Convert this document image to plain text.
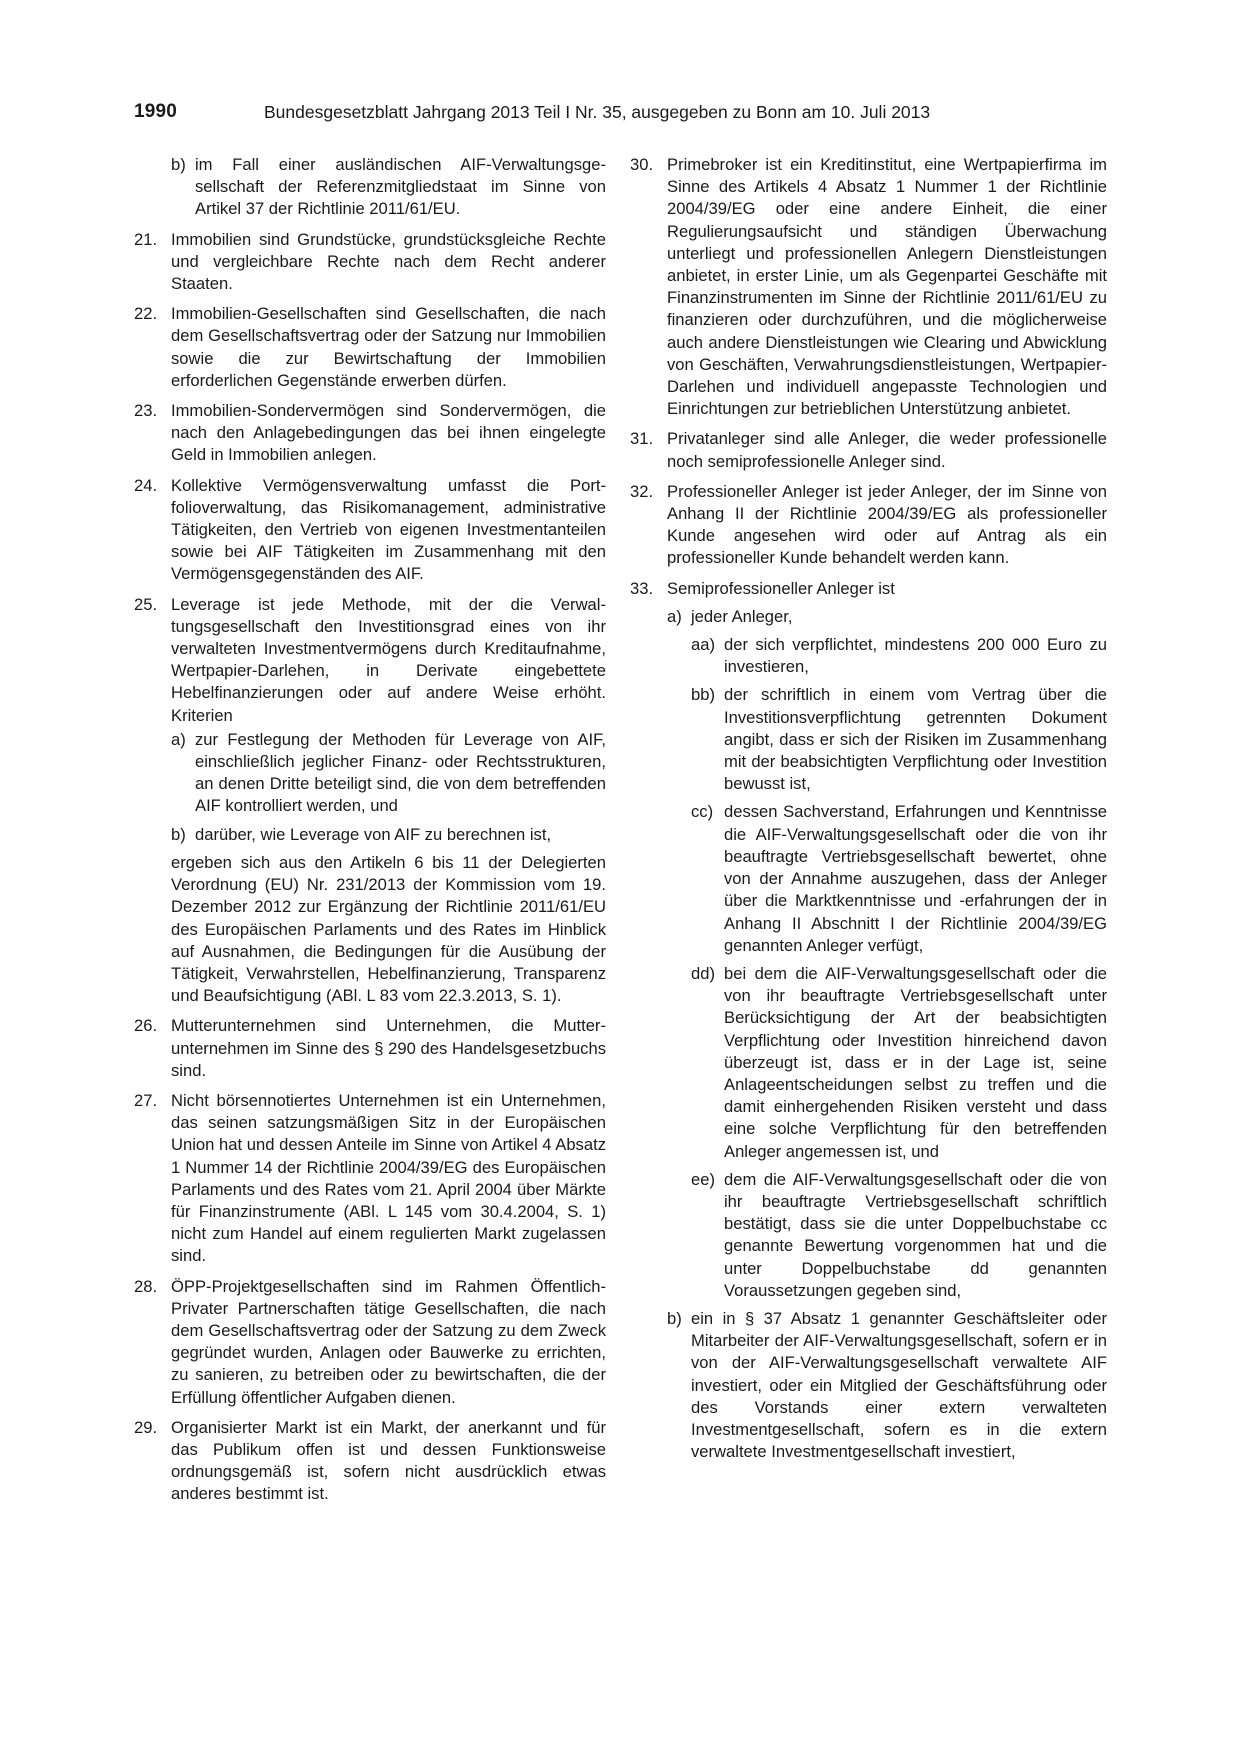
1990	Bundesgesetzblatt Jahrgang 2013 Teil I Nr. 35, ausgegeben zu Bonn am 10. Juli 2013
b) im Fall einer ausländischen AIF-Verwaltungsgesellschaft der Referenzmitgliedstaat im Sinne von Artikel 37 der Richtlinie 2011/61/EU.
21. Immobilien sind Grundstücke, grundstücksgleiche Rechte und vergleichbare Rechte nach dem Recht anderer Staaten.
22. Immobilien-Gesellschaften sind Gesellschaften, die nach dem Gesellschaftsvertrag oder der Satzung nur Immobilien sowie die zur Bewirtschaftung der Immobilien erforderlichen Gegenstände erwerben dürfen.
23. Immobilien-Sondervermögen sind Sondervermögen, die nach den Anlagebedingungen das bei ihnen eingelegte Geld in Immobilien anlegen.
24. Kollektive Vermögensverwaltung umfasst die Portfolioverwaltung, das Risikomanagement, administrative Tätigkeiten, den Vertrieb von eigenen Investmentanteilen sowie bei AIF Tätigkeiten im Zusammenhang mit den Vermögensgegenständen des AIF.
25. Leverage ist jede Methode, mit der die Verwaltungsgesellschaft den Investitionsgrad eines von ihr verwalteten Investmentvermögens durch Kreditaufnahme, Wertpapier-Darlehen, in Derivate eingebettete Hebelfinanzierungen oder auf andere Weise erhöht. Kriterien
a) zur Festlegung der Methoden für Leverage von AIF, einschließlich jeglicher Finanz- oder Rechtsstrukturen, an denen Dritte beteiligt sind, die von dem betreffenden AIF kontrolliert werden, und
b) darüber, wie Leverage von AIF zu berechnen ist,
ergeben sich aus den Artikeln 6 bis 11 der Delegierten Verordnung (EU) Nr. 231/2013 der Kommission vom 19. Dezember 2012 zur Ergänzung der Richtlinie 2011/61/EU des Europäischen Parlaments und des Rates im Hinblick auf Ausnahmen, die Bedingungen für die Ausübung der Tätigkeit, Verwahrstellen, Hebelfinanzierung, Transparenz und Beaufsichtigung (ABl. L 83 vom 22.3.2013, S. 1).
26. Mutterunternehmen sind Unternehmen, die Mutterunternehmen im Sinne des § 290 des Handelsgesetzbuchs sind.
27. Nicht börsennotiertes Unternehmen ist ein Unternehmen, das seinen satzungsmäßigen Sitz in der Europäischen Union hat und dessen Anteile im Sinne von Artikel 4 Absatz 1 Nummer 14 der Richtlinie 2004/39/EG des Europäischen Parlaments und des Rates vom 21. April 2004 über Märkte für Finanzinstrumente (ABl. L 145 vom 30.4.2004, S. 1) nicht zum Handel auf einem regulierten Markt zugelassen sind.
28. ÖPP-Projektgesellschaften sind im Rahmen Öffentlich-Privater Partnerschaften tätige Gesellschaften, die nach dem Gesellschaftsvertrag oder der Satzung zu dem Zweck gegründet wurden, Anlagen oder Bauwerke zu errichten, zu sanieren, zu betreiben oder zu bewirtschaften, die der Erfüllung öffentlicher Aufgaben dienen.
29. Organisierter Markt ist ein Markt, der anerkannt und für das Publikum offen ist und dessen Funktionsweise ordnungsgemäß ist, sofern nicht ausdrücklich etwas anderes bestimmt ist.
30. Primebroker ist ein Kreditinstitut, eine Wertpapierfirma im Sinne des Artikels 4 Absatz 1 Nummer 1 der Richtlinie 2004/39/EG oder eine andere Einheit, die einer Regulierungsaufsicht und ständigen Überwachung unterliegt und professionellen Anlegern Dienstleistungen anbietet, in erster Linie, um als Gegenpartei Geschäfte mit Finanzinstrumenten im Sinne der Richtlinie 2011/61/EU zu finanzieren oder durchzuführen, und die möglicherweise auch andere Dienstleistungen wie Clearing und Abwicklung von Geschäften, Verwahrungsdienstleistungen, Wertpapier-Darlehen und individuell angepasste Technologien und Einrichtungen zur betrieblichen Unterstützung anbietet.
31. Privatanleger sind alle Anleger, die weder professionelle noch semiprofessionelle Anleger sind.
32. Professioneller Anleger ist jeder Anleger, der im Sinne von Anhang II der Richtlinie 2004/39/EG als professioneller Kunde angesehen wird oder auf Antrag als ein professioneller Kunde behandelt werden kann.
33. Semiprofessioneller Anleger ist
a) jeder Anleger,
aa) der sich verpflichtet, mindestens 200 000 Euro zu investieren,
bb) der schriftlich in einem vom Vertrag über die Investitionsverpflichtung getrennten Dokument angibt, dass er sich der Risiken im Zusammenhang mit der beabsichtigten Verpflichtung oder Investition bewusst ist,
cc) dessen Sachverstand, Erfahrungen und Kenntnisse die AIF-Verwaltungsgesellschaft oder die von ihr beauftragte Vertriebsgesellschaft bewertet, ohne von der Annahme auszugehen, dass der Anleger über die Marktkenntnisse und -erfahrungen der in Anhang II Abschnitt I der Richtlinie 2004/39/EG genannten Anleger verfügt,
dd) bei dem die AIF-Verwaltungsgesellschaft oder die von ihr beauftragte Vertriebsgesellschaft unter Berücksichtigung der Art der beabsichtigten Verpflichtung oder Investition hinreichend davon überzeugt ist, dass er in der Lage ist, seine Anlageentscheidungen selbst zu treffen und die damit einhergehenden Risiken versteht und dass eine solche Verpflichtung für den betreffenden Anleger angemessen ist, und
ee) dem die AIF-Verwaltungsgesellschaft oder die von ihr beauftragte Vertriebsgesellschaft schriftlich bestätigt, dass sie die unter Doppelbuchstabe cc genannte Bewertung vorgenommen hat und die unter Doppelbuchstabe dd genannten Voraussetzungen gegeben sind,
b) ein in § 37 Absatz 1 genannter Geschäftsleiter oder Mitarbeiter der AIF-Verwaltungsgesellschaft, sofern er in von der AIF-Verwaltungsgesellschaft verwaltete AIF investiert, oder ein Mitglied der Geschäftsführung oder des Vorstands einer extern verwalteten Investmentgesellschaft, sofern es in die extern verwaltete Investmentgesellschaft investiert,
